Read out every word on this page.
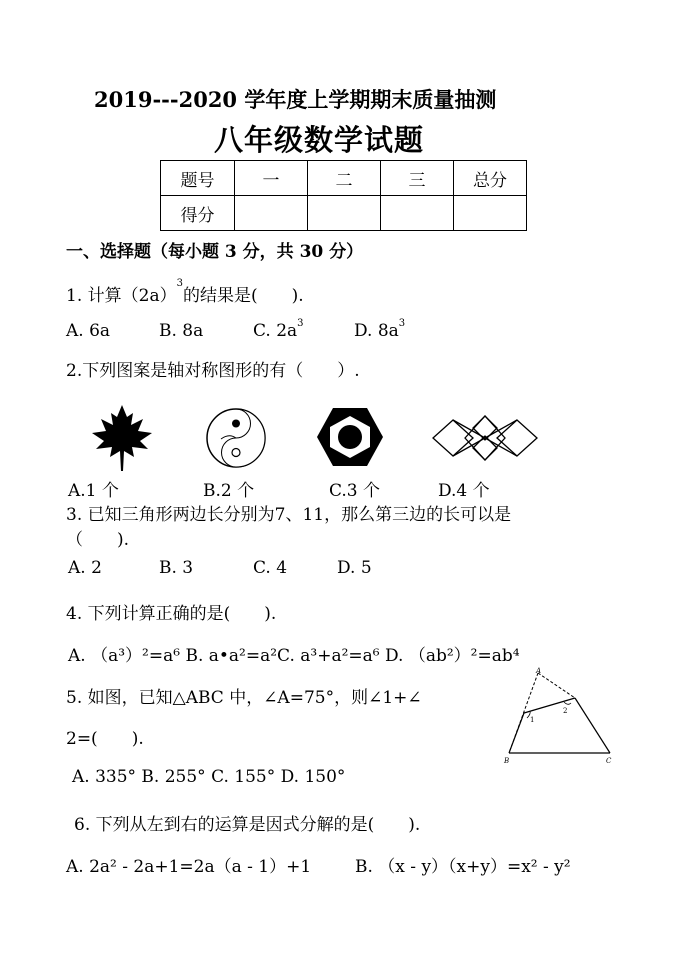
2019---2020 学年度上学期期末质量抽测
八年级数学试题
题号	一	二	三	总分
得分				
一、选择题（每小题 3 分，共 30 分）
1. 计算$(2a)^3$的结果是(　　).
A. 6a	B. 8a	C. $2a^3$	D. $8a^3$
2.下列图案是轴对称图形的有（　　）.
A.1 个	B.2 个	C.3 个	D.4 个
3. 已知三角形两边长分别为7、11，那么第三边的长可以是
（　　).
A. 2	B. 3	C. 4	D. 5
4. 下列计算正确的是(　　).
A. （a³）²=a⁶ B. a•a²=a²C. a³+a²=a⁶ D. （ab²）²=ab⁴
5. 如图，已知△ABC 中，∠A=75°，则∠1+∠
2=(　　).
A. 335° B. 255° C. 155° D. 150°
A
1
2
B	C
6. 下列从左到右的运算是因式分解的是(　　).
A. 2a² - 2a+1=2a（a - 1）+1	B. （x - y）（x+y）=x² - y²
